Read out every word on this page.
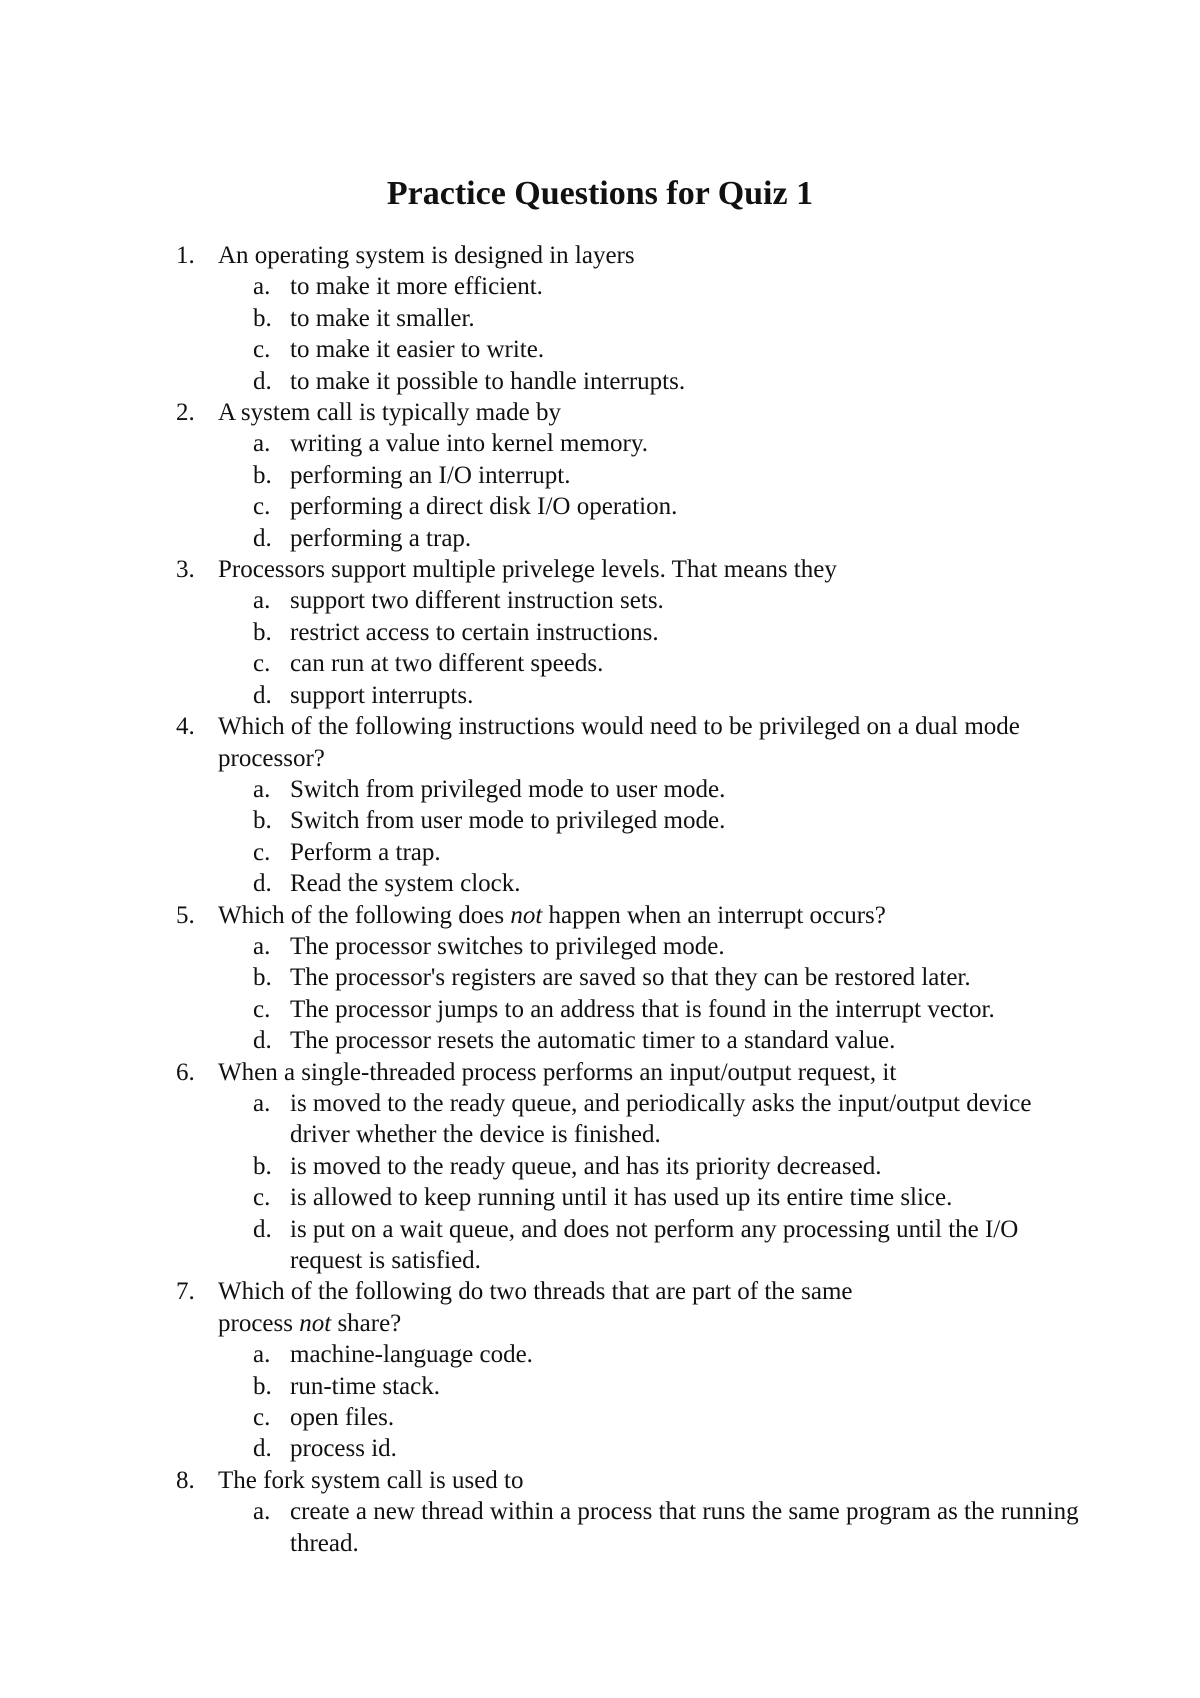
Practice Questions for Quiz 1
1. An operating system is designed in layers
a. to make it more efficient.
b. to make it smaller.
c. to make it easier to write.
d. to make it possible to handle interrupts.
2. A system call is typically made by
a. writing a value into kernel memory.
b. performing an I/O interrupt.
c. performing a direct disk I/O operation.
d. performing a trap.
3. Processors support multiple privelege levels. That means they
a. support two different instruction sets.
b. restrict access to certain instructions.
c. can run at two different speeds.
d. support interrupts.
4. Which of the following instructions would need to be privileged on a dual mode processor?
a. Switch from privileged mode to user mode.
b. Switch from user mode to privileged mode.
c. Perform a trap.
d. Read the system clock.
5. Which of the following does not happen when an interrupt occurs?
a. The processor switches to privileged mode.
b. The processor's registers are saved so that they can be restored later.
c. The processor jumps to an address that is found in the interrupt vector.
d. The processor resets the automatic timer to a standard value.
6. When a single-threaded process performs an input/output request, it
a. is moved to the ready queue, and periodically asks the input/output device driver whether the device is finished.
b. is moved to the ready queue, and has its priority decreased.
c. is allowed to keep running until it has used up its entire time slice.
d. is put on a wait queue, and does not perform any processing until the I/O request is satisfied.
7. Which of the following do two threads that are part of the same
process not share?
a. machine-language code.
b. run-time stack.
c. open files.
d. process id.
8. The fork system call is used to
a. create a new thread within a process that runs the same program as the running thread.
